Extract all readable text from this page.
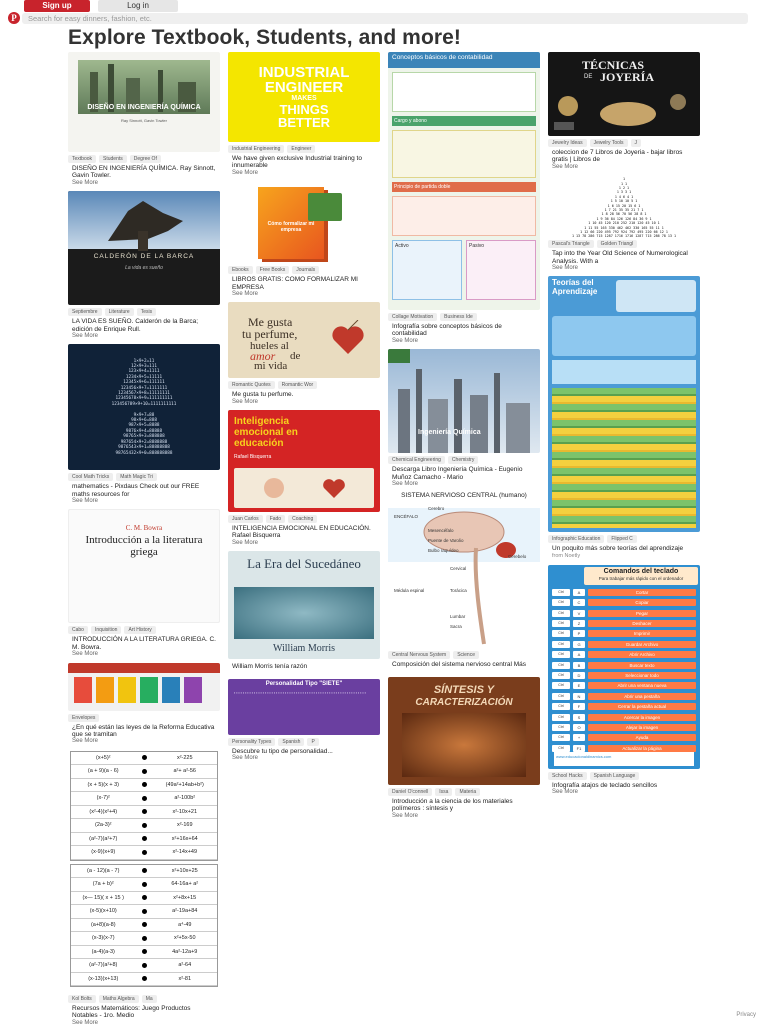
Sign up	Log in
P
Search for easy dinners, fashion, etc.
Explore Textbook, Students, and more!
DISEÑO EN INGENIERÍA QUÍMICA
Ray Sinnott, Gavin Towler
Textbook	Students	Degree Of
DISEÑO EN INGENIERÍA QUÍMICA. Ray Sinnott, Gavin Towler.
See More
CALDERÓN DE LA BARCA
La vida es sueño
Septiembre	Literature	Tesis
LA VIDA ES SUEÑO. Calderón de la Barca; edición de Enrique Rull.
See More
1×9+2=11
12×9+3=111
123×9+4=1111
1234×9+5=11111
12345×9+6=111111
123456×9+7=1111111
1234567×9+8=11111111
12345678×9+9=111111111
123456789×9+10=1111111111

9×9+7=88
98×9+6=888
987×9+5=8888
9876×9+4=88888
98765×9+3=888888
987654×9+2=8888888
9876543×9+1=88888888
98765432×9+0=888888888
Cool Math Tricks	Math Magic Tri
mathematics - Pixdaus Check out our FREE maths resources for
See More
C. M. Bowra
Introducción a la literatura griega
Cabo	Inquisition	Art History
INTRODUCCIÓN A LA LITERATURA GRIEGA. C. M. Bowra.
See More
Envelopes
¿En qué están las leyes de la Reforma Educativa que se tramitan
See More
(x+5)²	x²-225
(a + 9)(a - 6)	a²+ a²-56
(x + 5)(x + 3)	(49a²+14ab+b²)
(x-7)²	a²-100b²
(x²-4)(x²+4)	x²-10x+21
(2a-3)²	x²-169
(a²-7)(a²+7)	x²+16x+64
(x-9)(x+9)	x²-14x+49
(a - 12)(a - 7)	x²+10x+25
(7a + b)²	64-16a+ a²
(x— 15)( x + 15 )	x²+8x+15
(x-5)(x+10)	a²-19a+84
(a+8)(a-8)	a⁴-49
(x-3)(x-7)	x²+5x-50
(a-4)(a-3)	4a²-12a+9
(a²-7)(a²+8)	a²-64
(x-13)(x+13)	x²-81
Kol Bolts	Maths Algebra	Ma
Recursos Matemáticos: Juego Productos Notables - 1ro. Medio
See More
INDUSTRIAL
ENGINEER
MAKES
THINGS
BETTER
Industrial Engineering	Engineer
We have given exclusive Industrial training to innumerable
See More
Cómo formalizar mi empresa
Ebooks	Free Books	Journals
LIBROS GRATIS: COMO FORMALIZAR MI EMPRESA
See More
Me gusta
tu perfume,
hueles al
amor de
mi vida
Romantic Quotes	Romantic Wor
Me gusta tu perfume.
See More
Inteligencia emocional en educación
Rafael Bisquerra
Juan Carlos	Fado	Coaching
INTELIGENCIA EMOCIONAL EN EDUCACIÓN. Rafael Bisquerra
See More
La Era del Sucedáneo
William Morris
William Morris tenía razón
Personalidad Tipo "SIETE"
▪ ▪ ▪ ▪ ▪ ▪ ▪ ▪ ▪ ▪ ▪ ▪ ▪ ▪ ▪ ▪ ▪ ▪ ▪ ▪ ▪ ▪ ▪ ▪ ▪ ▪ ▪ ▪ ▪ ▪ ▪ ▪ ▪ ▪ ▪ ▪ ▪ ▪ ▪ ▪ ▪ ▪ ▪ ▪ ▪ ▪ ▪ ▪ ▪ ▪ ▪ ▪ ▪ ▪ ▪ ▪ ▪ ▪ ▪ ▪
Personality Types	Spanish	P
Descubre tu tipo de personalidad...
See More
Conceptos básicos de contabilidad
Cargo y abono
Principio de partida doble
Activo	Pasivo
Collage Motivation	Business Ide
Infografía sobre conceptos básicos de contabilidad
See More
Ingeniería Química
Chemical Engineering	Chemistry
Descarga Libro Ingeniería Química - Eugenio Muñoz Camacho - Mario
See More
SISTEMA NERVIOSO CENTRAL (humano)
Cerebro
ENCÉFALO
Mesencéfalo
Puente de Varolio
Bulbo raquídeo
Cerebelo
Cervical
Médula espinal	Torácica
Lumbar
Sacra
Central Nervous System	Science
Composición del sistema nervioso central Más
SÍNTESIS Y
CARACTERIZACIÓN
Daniel O'connell	Issa	Materia
Introducción a la ciencia de los materiales polímeros : síntesis y
See More
TÉCNICAS
DE JOYERÍA
Jewelry Ideas	Jewelry Tools	J
coleccion de 7 Libros de Joyeria - bajar libros gratis | Libros de
See More
1
1 1
1 2 1
1 3 3 1
1 4 6 4 1
1 5 10 10 5 1
1 6 15 20 15 6 1
1 7 21 35 35 21 7 1
1 8 28 56 70 56 28 8 1
1 9 36 84 126 126 84 36 9 1
1 10 45 120 210 252 210 120 45 10 1
1 11 55 165 330 462 462 330 165 55 11 1
1 12 66 220 495 792 924 792 495 220 66 12 1
1 13 78 286 715 1287 1716 1716 1287 715 286 78 13 1
Pascal's Triangle	Golden Triangl
Tap into the Year Old Science of Numerological Analysis. With a
See More
Teorías del Aprendizaje
Infographic Education	Flipped C
Un poquito más sobre teorías del aprendizaje
from Noetly
Comandos del teclado
Para trabajar más rápido con el ordenador
Ctrl	A	Cortar
Ctrl	C	Copiar
Ctrl	V	Pegar
Ctrl	Z	Deshacer
Ctrl	P	Imprimir
Ctrl	G	Guardar Archivo
Ctrl	A	Abrir Archivo
Ctrl	B	Buscar texto
Ctrl	D	Seleccionar todo
Ctrl	E	Abrir una ventana nueva
Ctrl	N	Abrir una pestaña
Ctrl	F	Cerrar la pestaña actual
Ctrl	S	Acercar la imagen
Ctrl	O	Alejar la imagen
Ctrl	+	Ayuda
Ctrl	F1	Actualizar la página
www.educacionaldinamics.com
School Hacks	Spanish Language
Infografía atajos de teclado sencillos
See More
Privacy
